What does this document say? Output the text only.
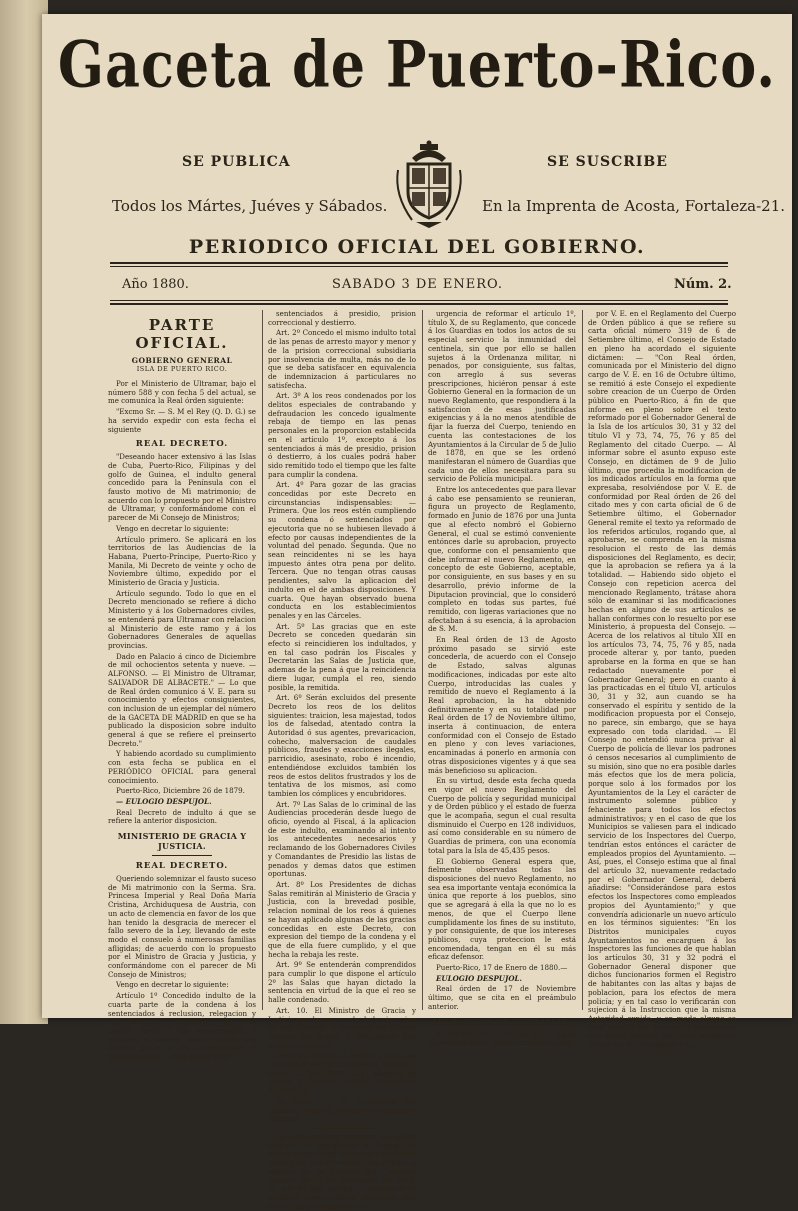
Gaceta de Puerto-Rico.
SE PUBLICA	SE SUSCRIBE
Todos los Mártes, Juéves y Sábados.	En la Imprenta de Acosta, Fortaleza-21.
PERIODICO OFICIAL DEL GOBIERNO.
Año 1880.	SABADO 3 DE ENERO.	Núm. 2.
PARTE OFICIAL.
GOBIERNO GENERAL
ISLA DE PUERTO RICO.

Por el Ministerio de Ultramar, bajo el número 588 y con fecha 5 del actual, se me comunica la Real órden siguiente:

"Excmo Sr. — S. M el Rey (Q. D. G.) se ha servido expedir con esta fecha el siguiente

REAL DECRETO.

"Deseando hacer extensivo á las Islas de Cuba, Puerto-Rico, Filipinas y del golfo de Guinea, el indulto general concedido para la Península con el fausto motivo de Mi matrimonio; de acuerdo con lo propuesto por el Ministro de Ultramar, y conformándome con el parecer de Mi Consejo de Ministros;

Vengo en decretar lo siguiente:

Artículo primero. Se aplicará en los territorios de las Audiencias de la Habana, Puerto-Príncipe, Puerto-Rico y Manila, Mi Decreto de veinte y ocho de Noviembre último, expedido por el Ministerio de Gracia y Justicia.

Artículo segundo. Todo lo que en el Decreto mencionado se refiere á dicho Ministerio y á los Gobernadores civiles, se entenderá para Ultramar con relacion al Ministerio de este ramo y á los Gobernadores Generales de aquellas provincias.

Dado en Palacio á cinco de Diciembre de mil ochocientos setenta y nueve. — ALFONSO. — El Ministro de Ultramar, SALVADOR DE ALBACETE." — Lo que de Real órden comunico á V. E. para su conocimiento y efectos consiguientes, con inclusion de un ejemplar del número de la GACETA DE MADRID en que se ha publicado la disposicion sobre indulto general á que se refiere el preinserto Decreto."

Y habiendo acordado su cumplimiento con esta fecha se publica en el PERIÓDICO OFICIAL para general conocimiento.

Puerto-Rico, Diciembre 26 de 1879.

— EULOGIO DESPUJOL.

Real Decreto de indulto á que se refiere la anterior disposicion.

MINISTERIO DE GRACIA Y JUSTICIA.
REAL DECRETO.

Queriendo solemnizar el fausto suceso de Mi matrimonio con la Serma. Sra. Princesa Imperial y Real Doña María Cristina, Archiduquesa de Austria, con un acto de clemencia en favor de los que han tenido la desgracia de merecer el fallo severo de la Ley, llevando de este modo el consuelo á numerosas familias afligidas; de acuerdo con lo propuesto por el Ministro de Gracia y Justicia, y conformándome con el parecer de Mi Consejo de Ministros;

Vengo en decretar lo siguiente:

Artículo 1º Concedido indulto de la cuarta parte de la condena á los sentenciados á reclusion, relegacion y extrañamiento temporales; de una cuarta parte á los sentenciados á presidio y prision mayor; y de una tercera parte á los sentenciados á confinamiento, y de la mitad á los

sentenciados á presidio, prision correccional y destierro.

Art. 2º Concedo el mismo indulto total de las penas de arresto mayor y menor y de la prision correccional subsidiaria por insolvencia de multa, más no de lo que se deba satisfacer en equivalencia de indemnizacion á particulares no satisfecha.

Art. 3º A los reos condenados por los delitos especiales de contrabando y defraudacion les concedo igualmente rebaja de tiempo en las penas personales en la proporcion establecida en el artículo 1º, excepto á los sentenciados á más de presidio, prision ó destierro, á los cuales podrá haber sido remitido todo el tiempo que les falte para cumplir la condena.

Art. 4º Para gozar de las gracias concedidas por este Decreto en circunstancias indispensables: — Primera. Que los reos estén cumpliendo su condena ó sentenciados por ejecutoria que no se hubiesen llevado á efecto por causas independientes de la voluntad del penado. Segunda. Que no sean reincidentes ni se les haya impuesto ántes otra pena por delito. Tercera. Que no tengan otras causas pendientes, salvo la aplicacion del indulto en el de ambas disposiciones. Y cuarta. Que hayan observado buena conducta en los establecimientos penales y en las Cárceles.

Art. 5º Las gracias que en este Decreto se conceden quedarán sin efecto si reincidieren los indultados, y en tal caso podrán los Fiscales y Decretarán las Salas de Justicia que, ademas de la pena á que la reincidencia diere lugar, cumpla el reo, siendo posible, la remitida.

Art. 6º Serán excluidos del presente Decreto los reos de los delitos siguientes: traicion, lesa majestad, todos los de falsedad, atentado contra la Autoridad ó sus agentes, prevaricacion, cohecho, malversacion de caudales públicos, fraudes y exacciones ilegales, parricidio, asesinato, robo é incendio, entendiéndose excluidos también los reos de estos delitos frustrados y los de tentativa de los mismos, así como tambien los cómplices y encubridores.

Art. 7º Las Salas de lo criminal de las Audiencias procederán desde luego de oficio, oyendo al Fiscal, á la aplicacion de este indulto, examinando al intento los antecedentes necesarios y reclamando de los Gobernadores Civiles y Comandantes de Presidio las listas de penados y demas datos que estimen oportunas.

Art. 8º Los Presidentes de dichas Salas remitirán al Ministerio de Gracia y Justicia, con la brevedad posible, relacion nominal de los reos á quienes se hayan aplicado algunas de las gracias concedidas en este Decreto, con expresion del tiempo de la condena y el que de ella fuere cumplido, y el que hecha la rebaja les reste.

Art. 9º Se entenderán comprendidos para cumplir lo que dispone el artículo 2º las Salas que hayan dictado la sentencia en virtud de la que el reo se halle condenado.

Art. 10. El Ministro de Gracia y Justicia queda encargado de la ejecucion de este Decreto, y resolverá sin ulterior recurso las dudas y dificultades que puedan ofrecerse.

Dado en Palacio á veinte y ocho de Noviembre de mil ochocientos setenta y nueve. — ALFONSO. — El Ministro de Gracia y Justicia, PEDRO NOLASCO AURIOLES.

Es copia. — El Secretario del Gobierno General, Francisco Fontanals y Martinez.

La necesidad, en beneficio del mejor servicio, de reorganizar el Cuerpo de policía y seguridad municipal y de Orden público de esta Provincia, con arreglo al espíritu de la Circular del Gobierno General de 20 de Noviembre de 1878, en que se dejó definido y acentuado el carácter esencialmente municipal que dicho Cuerpo debe tener; la

urgencia de reformar el artículo 1º, título X, de su Reglamento, que concede á los Guardias en todos los actos de su especial servicio la inmunidad del centinela, sin que por ello se hallen sujetos á la Ordenanza militar, ni penados, por consiguiente, sus faltas, con arreglo á sus severas prescripciones, hiciéron pensar á este Gobierno General en la formacion de un nuevo Reglamento, que respondiera á la satisfaccion de esas justificadas exigencias y á la no menos atendible de fijar la fuerza del Cuerpo, teniendo en cuenta las contestaciones de los Ayuntamientos á la Circular de 5 de Julio de 1878, en que se les ordenó manifestaran el número de Guardias que cada uno de ellos necesitara para su servicio de Policía municipal.

Entre los antecedentes que para llevar á cabo ese pensamiento se reunieran, figura un proyecto de Reglamento, formado en Junio de 1876 por una Junta que al efecto nombró el Gobierno General, el cual se estimó conveniente entónces darle su aprobacion, proyecto que, conforme con el pensamiento que debe informar el nuevo Reglamento, en concepto de este Gobierno, aceptable, por consiguiente, en sus bases y en su desarrollo, prévio informe de la Diputacion provincial, que lo consideró completo en todas sus partes, fué remitido, con ligeras variaciones que no afectaban á su esencia, á la aprobacion de S. M.

En Real órden de 13 de Agosto próximo pasado se sirvió este concederla, de acuerdo con el Consejo de Estado, salvas algunas modificaciones, indicadas por este alto Cuerpo, introducidas las cuales y remitido de nuevo el Reglamento á la Real aprobacion, la ha obtenido definitivamente y en su totalidad por Real órden de 17 de Noviembre último, inserta á continuacion, de entera conformidad con el Consejo de Estado en pleno y con leves variaciones, encaminadas á ponerlo en armonía con otras disposiciones vigentes y á que sea más beneficioso su aplicacion.

En su virtud, desde esta fecha queda en vigor el nuevo Reglamento del Cuerpo de policía y seguridad municipal y de Orden público y el estado de fuerza que le acompaña, segun el cual resulta disminuido el Cuerpo en 128 individuos, así como considerable en su número de Guardias de primera, con una economía total para la Isla de 45,435 pesos.

El Gobierno General espera que, fielmente observadas todas las disposiciones del nuevo Reglamento, no sea esa importante ventaja económica la única que reporte á los pueblos, sino que se agregará á ella la que no lo es menos, de que el Cuerpo llene cumplidamente los fines de su instituto, y por consiguiente, de que los intereses públicos, cuya proteccion le está encomendada, tengan en él su más eficaz defensor.

Puerto-Rico, 17 de Enero de 1880.—

EULOGIO DESPUJOL.

Real órden de 17 de Noviembre último, que se cita en el preámbulo anterior.

MINISTERIO DE ULTRAMAR.

NUMERO 179. — Excmo. Sr. — En el expediente sobre modificaciones hechas

por V. E. en el Reglamento del Cuerpo de Orden público á que se refiere su carta oficial número 319 de 6 de Setiembre último, el Consejo de Estado en pleno ha acordado el siguiente dictámen: — "Con Real órden, comunicada por el Ministerio del digno cargo de V. E. en 16 de Octubre último, se remitió á este Consejo el expediente sobre creacion de un Cuerpo de Orden público en Puerto-Rico, á fin de que informe en pleno sobre el texto reformado por el Gobernador General de la Isla de los artículos 30, 31 y 32 del título VI y 73, 74, 75, 76 y 85 del Reglamento del citado Cuerpo. — Al informar sobre el asunto expuso este Consejo, en dictámen de 9 de Julio último, que procedia la modificacion de los indicados artículos en la forma que expresaba, resolviéndose por V. E. de conformidad por Real órden de 26 del citado mes y con carta oficial de 6 de Setiembre último, el Gobernador General remite el texto ya reformado de los referidos artículos, rogando que, al aprobarse, se comprenda en la misma resolucion el resto de las demás disposiciones del Reglamento, es decir, que la aprobacion se refiera ya á la totalidad. — Habiendo sido objeto el Consejo con repeticion acerca del mencionado Reglamento, trátase ahora sólo de examinar si las modificaciones hechas en alguno de sus artículos se hallan conformes con lo resuelto por ese Ministerio, á propuesta del Consejo. — Acerca de los relativos al título XII en los artículos 73, 74, 75, 76 y 85, nada procede alterar y, por tanto, pueden aprobarse en la forma en que se han redactado nuevamente por el Gobernador General; pero en cuanto á las practicadas en el título VI, artículos 30, 31 y 32, aun cuando se ha conservado el espíritu y sentido de la modificacion propuesta por el Consejo, no parece, sin embargo, que se haya expresado con toda claridad. — El Consejo no entendió nunca privar al Cuerpo de policía de llevar los padrones ó censos necesarios al cumplimiento de su misión, sino que no era posible darles más efectos que los de mera policía, porque solo á los formados por los Ayuntamientos de la Ley el carácter de instrumento solemne público y fehaciente para todos los efectos administrativos; y en el caso de que los Municipios se valiesen para el indicado servicio de los Inspectores del Cuerpo, tendrían estos entónces el carácter de empleados propios del Ayuntamiento. — Así, pues, el Consejo estima que al final del artículo 32, nuevamente redactado por el Gobernador General, deberá añadirse: "Considerándose para estos efectos los Inspectores como empleados propios del Ayuntamiento;" y que convendría adicionarle un nuevo artículo en los términos siguientes: "En los Distritos municipales cuyos Ayuntamientos no encarguen á los Inspectores las funciones de que hablan los artículos 30, 31 y 32 podrá el Gobernador General disponer que dichos funcionarios formen el Registro de habitantes con las altas y bajas de poblacion, para los efectos de mera policía; y en tal caso lo verificarán con sujecion á la Instruccion que la misma Autoridad expida, y en modo alguno se hará constar los detalles ó pormenores que deban llevarse, así como las épocas en que ha de procederse á su
